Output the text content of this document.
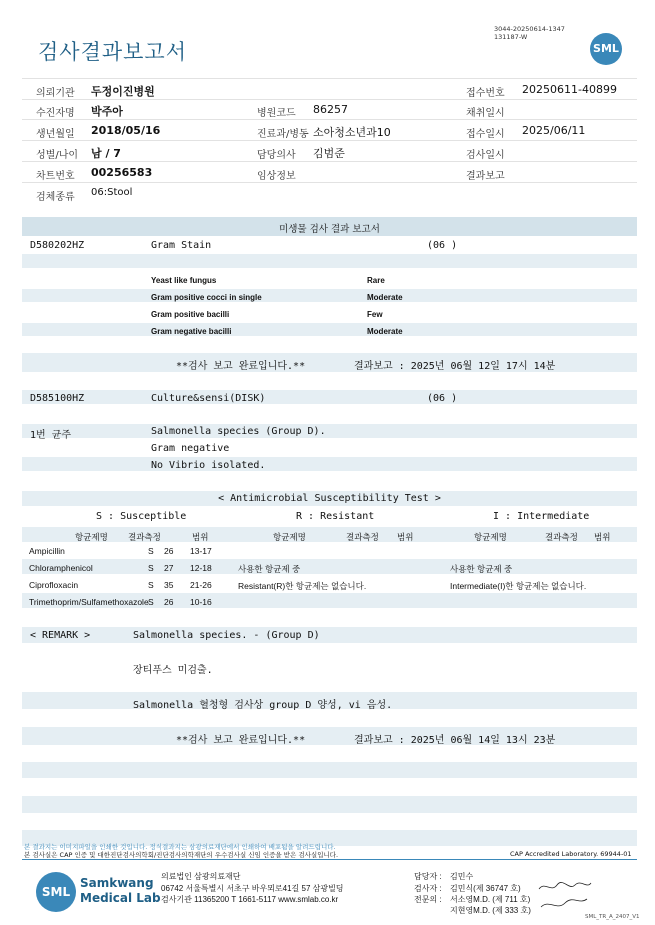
검사결과보고서
3044-20250614-1347
131187-W
SML
의뢰기관 두정이진병원	접수번호 20250611-40899
수진자명 박주아	병원코드 86257	채취일시
생년월일 2018/05/16	진료과/병동 소아청소년과10	접수일시 2025/06/11
성별/나이 남 / 7	담당의사 김범준	검사일시
차트번호 00256583	임상정보	결과보고
검체종류 06:Stool
미생물 검사 결과 보고서
D580202HZ	Gram Stain	(06 )
Yeast like fungus	Rare
Gram positive cocci in single	Moderate
Gram positive bacilli	Few
Gram negative bacilli	Moderate
**검사 보고 완료입니다.**	결과보고 : 2025년 06월 12일 17시 14분
D585100HZ	Culture&sensi(DISK)	(06 )
1번 균주	Salmonella species (Group D).
Gram negative
No Vibrio isolated.
< Antimicrobial Susceptibility Test >
S : Susceptible	R : Resistant	I : Intermediate
항균제명 결과측정	범위	항균제명	결과측정 범위	항균제명	결과측정 범위
Ampicillin	S 26 13-17
Chloramphenicol	S 27 12-18
Ciprofloxacin	S 35 21-26
Trimethoprim/Sulfamethoxazole S 26 10-16
사용한 항균제 중
Resistant(R)한 항균제는 없습니다.
사용한 항균제 중
Intermediate(I)한 항균제는 없습니다.
< REMARK >	Salmonella species. - (Group D)
장티푸스 미검출.
Salmonella 혈청형 검사상 group D 양성, vi 음성.
**검사 보고 완료입니다.**	결과보고 : 2025년 06월 14일 13시 23분
본 결과지는 이미지파일을 인쇄한 것입니다. 정식결과지는 삼광의료재단에서 인쇄하여 배포됨을 알려드립니다.
본 검사실은 CAP 인증 및 대한진단검사의학회/진단검사의학재단의 우수검사실 신임 인증을 받은 검사실입니다.	CAP Accredited Laboratory. 69944-01
SML
Samkwang
Medical Lab
의료법인 삼광의료재단
06742 서울특별시 서초구 바우뫼로41길 57 삼광빌딩
검사기관 11365200 T 1661-5117 www.smlab.co.kr
담당자 : 김민수
검사자 : 김민식(제 36747 호)
전문의 : 서소영M.D. (제 711 호)
지현영M.D. (제 333 호)
SML_TR_A_2407_V1
